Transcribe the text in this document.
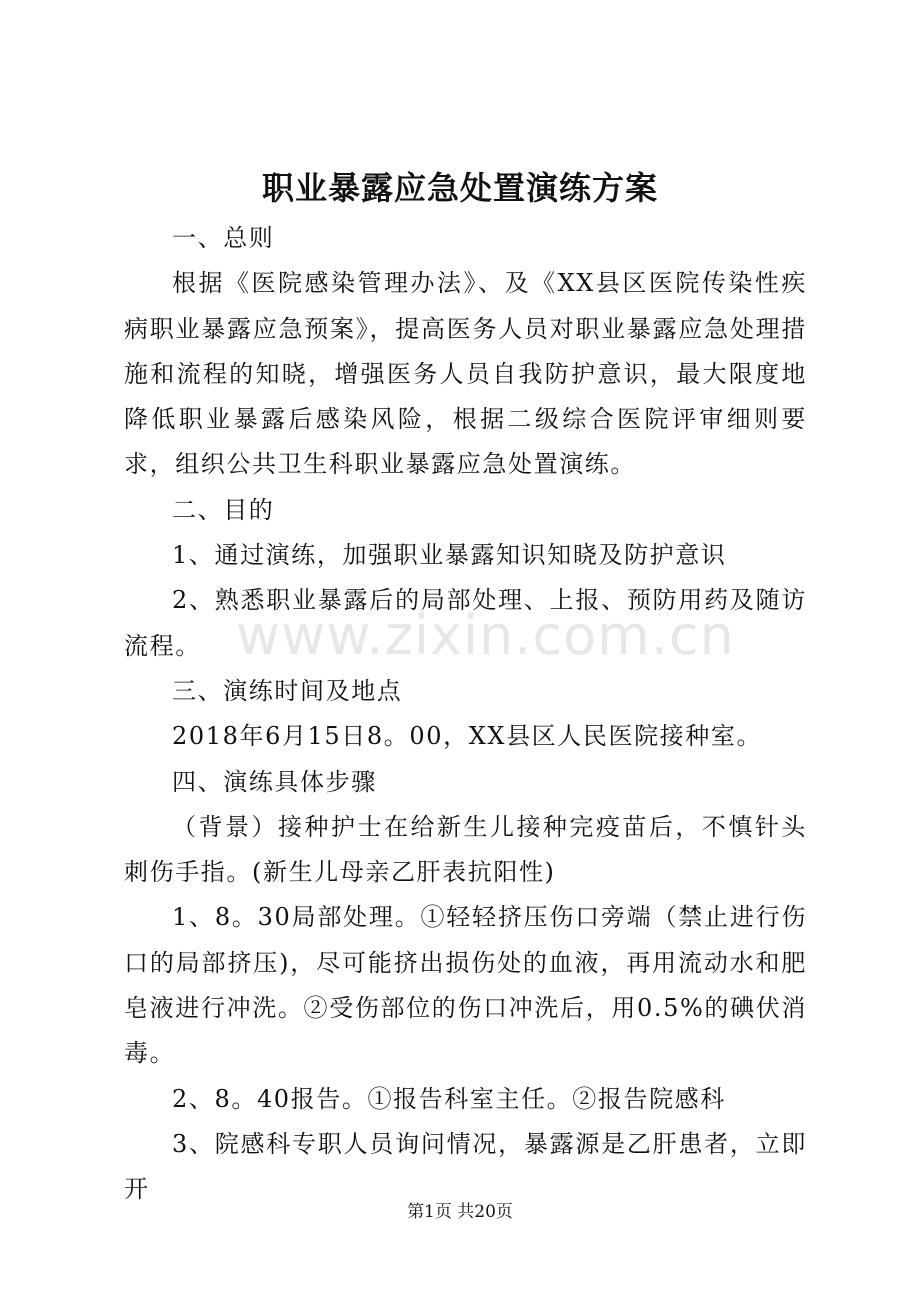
职业暴露应急处置演练方案

一、总则

根据《医院感染管理办法》、及《XX县区医院传染性疾病职业暴露应急预案》，提高医务人员对职业暴露应急处理措施和流程的知晓，增强医务人员自我防护意识，最大限度地降低职业暴露后感染风险，根据二级综合医院评审细则要求，组织公共卫生科职业暴露应急处置演练。

二、目的

1、通过演练，加强职业暴露知识知晓及防护意识

2、熟悉职业暴露后的局部处理、上报、预防用药及随访流程。

三、演练时间及地点

2018年6月15日8。00，XX县区人民医院接种室。

四、演练具体步骤

（背景）接种护士在给新生儿接种完疫苗后，不慎针头刺伤手指。(新生儿母亲乙肝表抗阳性)

1、8。30局部处理。①轻轻挤压伤口旁端（禁止进行伤口的局部挤压)，尽可能挤出损伤处的血液，再用流动水和肥皂液进行冲洗。②受伤部位的伤口冲洗后，用0.5%的碘伏消毒。

2、8。40报告。①报告科室主任。②报告院感科

3、院感科专职人员询问情况，暴露源是乙肝患者，立即开

www.zixin.com.cn
第1页 共20页
